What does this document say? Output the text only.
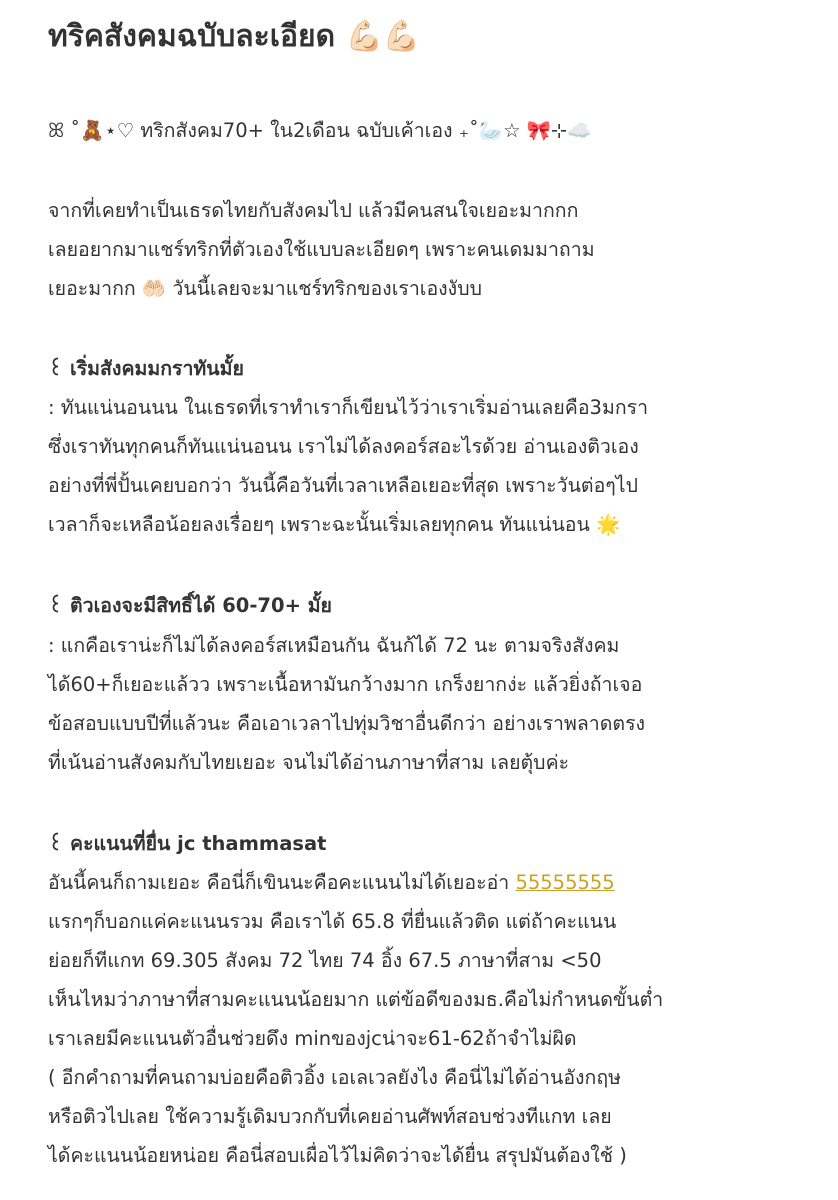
ทริคสังคมฉบับละเอียด 💪🏻💪🏻
ꕤ ˚🧸⋆♡ ทริกสังคม70+ ใน2เดือน ฉบับเค้าเอง ₊˚🦢☆ 🎀⊹☁️
จากที่เคยทำเป็นเธรดไทยกับสังคมไป แล้วมีคนสนใจเยอะมากกก
เลยอยากมาแชร์ทริกที่ตัวเองใช้แบบละเอียดๆ เพราะคนเดมมาถาม
เยอะมากก 🤲🏻 วันนี้เลยจะมาแชร์ทริกของเราเองงับบ
꒰ เริ่มสังคมมกราทันมั้ย
: ทันแน่นอนนน ในเธรดที่เราทำเราก็เขียนไว้ว่าเราเริ่มอ่านเลยคือ3มกรา
ซึ่งเราทันทุกคนก็ทันแน่นอนน เราไม่ได้ลงคอร์สอะไรด้วย อ่านเองติวเอง
อย่างที่พี่ปั้นเคยบอกว่า วันนี้คือวันที่เวลาเหลือเยอะที่สุด เพราะวันต่อๆไป
เวลาก็จะเหลือน้อยลงเรื่อยๆ เพราะฉะนั้นเริ่มเลยทุกคน ทันแน่นอน 🌟
꒰ ติวเองจะมีสิทธิ์ได้ 60-70+ มั้ย
: แกคือเราน่ะก็ไม่ได้ลงคอร์สเหมือนกัน ฉันก้ได้ 72 นะ ตามจริงสังคม
ได้60+ก็เยอะแล้วว เพราะเนื้อหามันกว้างมาก เกร็งยากง่ะ แล้วยิ่งถ้าเจอ
ข้อสอบแบบปีที่แล้วนะ คือเอาเวลาไปทุ่มวิชาอื่นดีกว่า อย่างเราพลาดตรง
ที่เน้นอ่านสังคมกับไทยเยอะ จนไม่ได้อ่านภาษาที่สาม เลยตุ้บค่ะ
꒰ คะแนนที่ยื่น jc thammasat
อันนี้คนก็ถามเยอะ คือนี่ก็เขินนะคือคะแนนไม่ได้เยอะอ่า 55555555
แรกๆก็บอกแค่คะแนนรวม คือเราได้ 65.8 ที่ยื่นแล้วติด แต่ถ้าคะแนน
ย่อยก็ทีแกท 69.305 สังคม 72 ไทย 74 อิ้ง 67.5 ภาษาที่สาม <50
เห็นไหมว่าภาษาที่สามคะแนนน้อยมาก แต่ข้อดีของมธ.คือไม่กำหนดขั้นต่ำ
เราเลยมีคะแนนตัวอื่นช่วยดึง minของjcน่าจะ61-62ถ้าจำไม่ผิด
( อีกคำถามที่คนถามบ่อยคือติวอิ้ง เอเลเวลยังไง คือนี่ไม่ได้อ่านอังกฤษ
หรือติวไปเลย ใช้ความรู้เดิมบวกกับที่เคยอ่านศัพท์สอบช่วงทีแกท เลย
ได้คะแนนน้อยหน่อย คือนี่สอบเผื่อไว้ไม่คิดว่าจะได้ยื่น สรุปมันต้องใช้ )
